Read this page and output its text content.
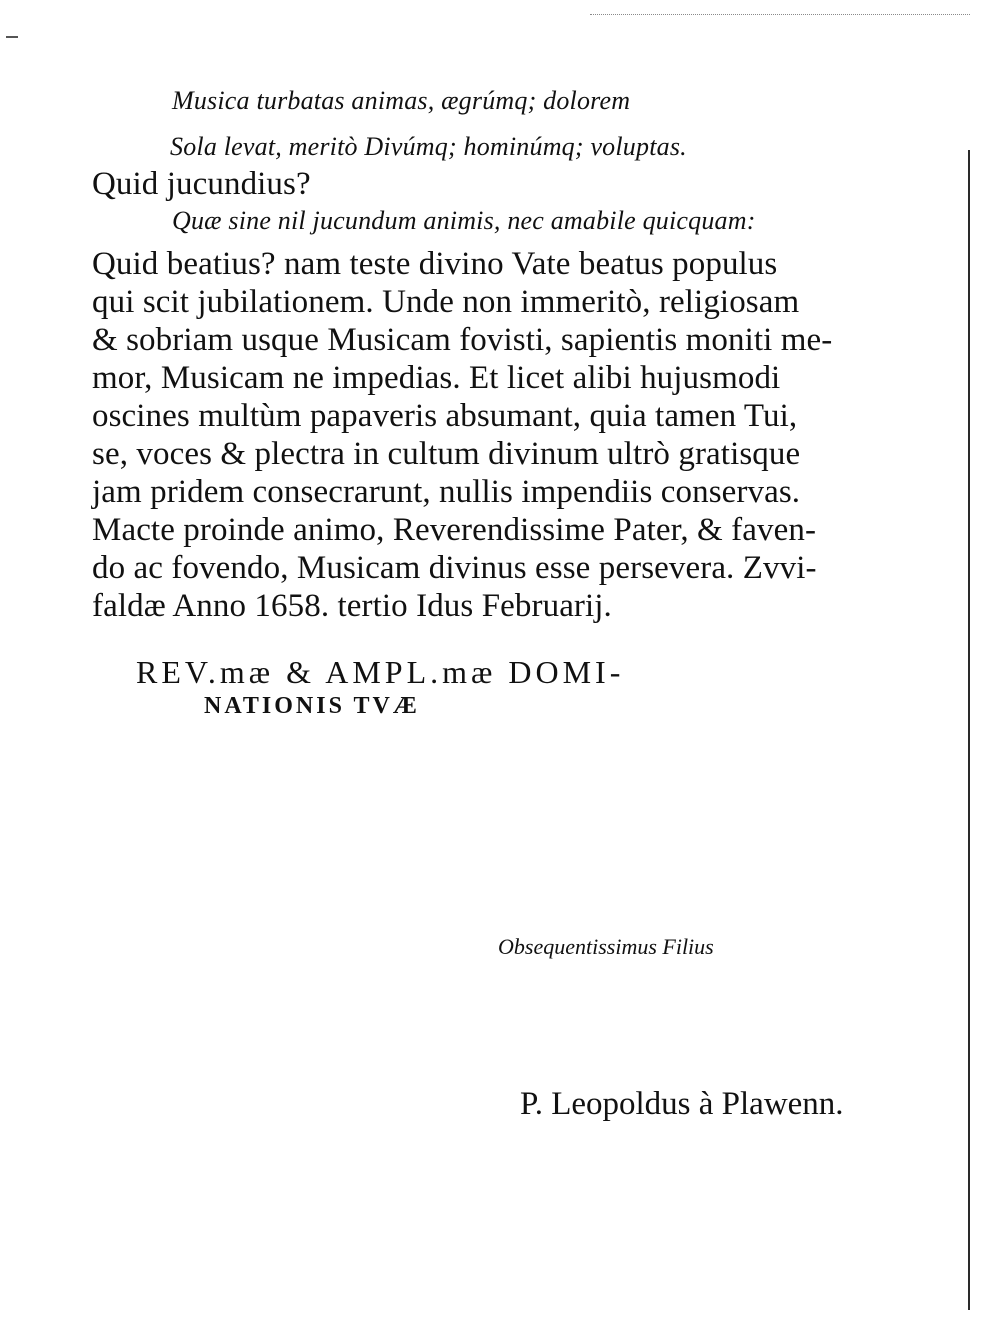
Musica turbatas animas, ægrúmq; dolorem
Sola levat, meritò Divúmq; hominúmq; voluptas.
Quid jucundius?
Quæ sine nil jucundum animis, nec amabile quicquam:
Quid beatius? nam teste divino Vate beatus populus
qui scit jubilationem. Unde non immeritò, religiosam
& sobriam usque Musicam fovisti, sapientis moniti me-
mor, Musicam ne impedias. Et licet alibi hujusmodi
oscines multùm papaveris absumant, quia tamen Tui,
se, voces & plectra in cultum divinum ultrò gratisque
jam pridem consecrarunt, nullis impendiis conservas.
Macte proinde animo, Reverendissime Pater, & faven-
do ac fovendo, Musicam divinus esse persevera. Zvvi-
faldæ Anno 1658. tertio Idus Februarij.
REV.mæ & AMPL.mæ DOMI-
NATIONIS TVÆ
Obsequentissimus Filius
P. Leopoldus à Plawenn.
